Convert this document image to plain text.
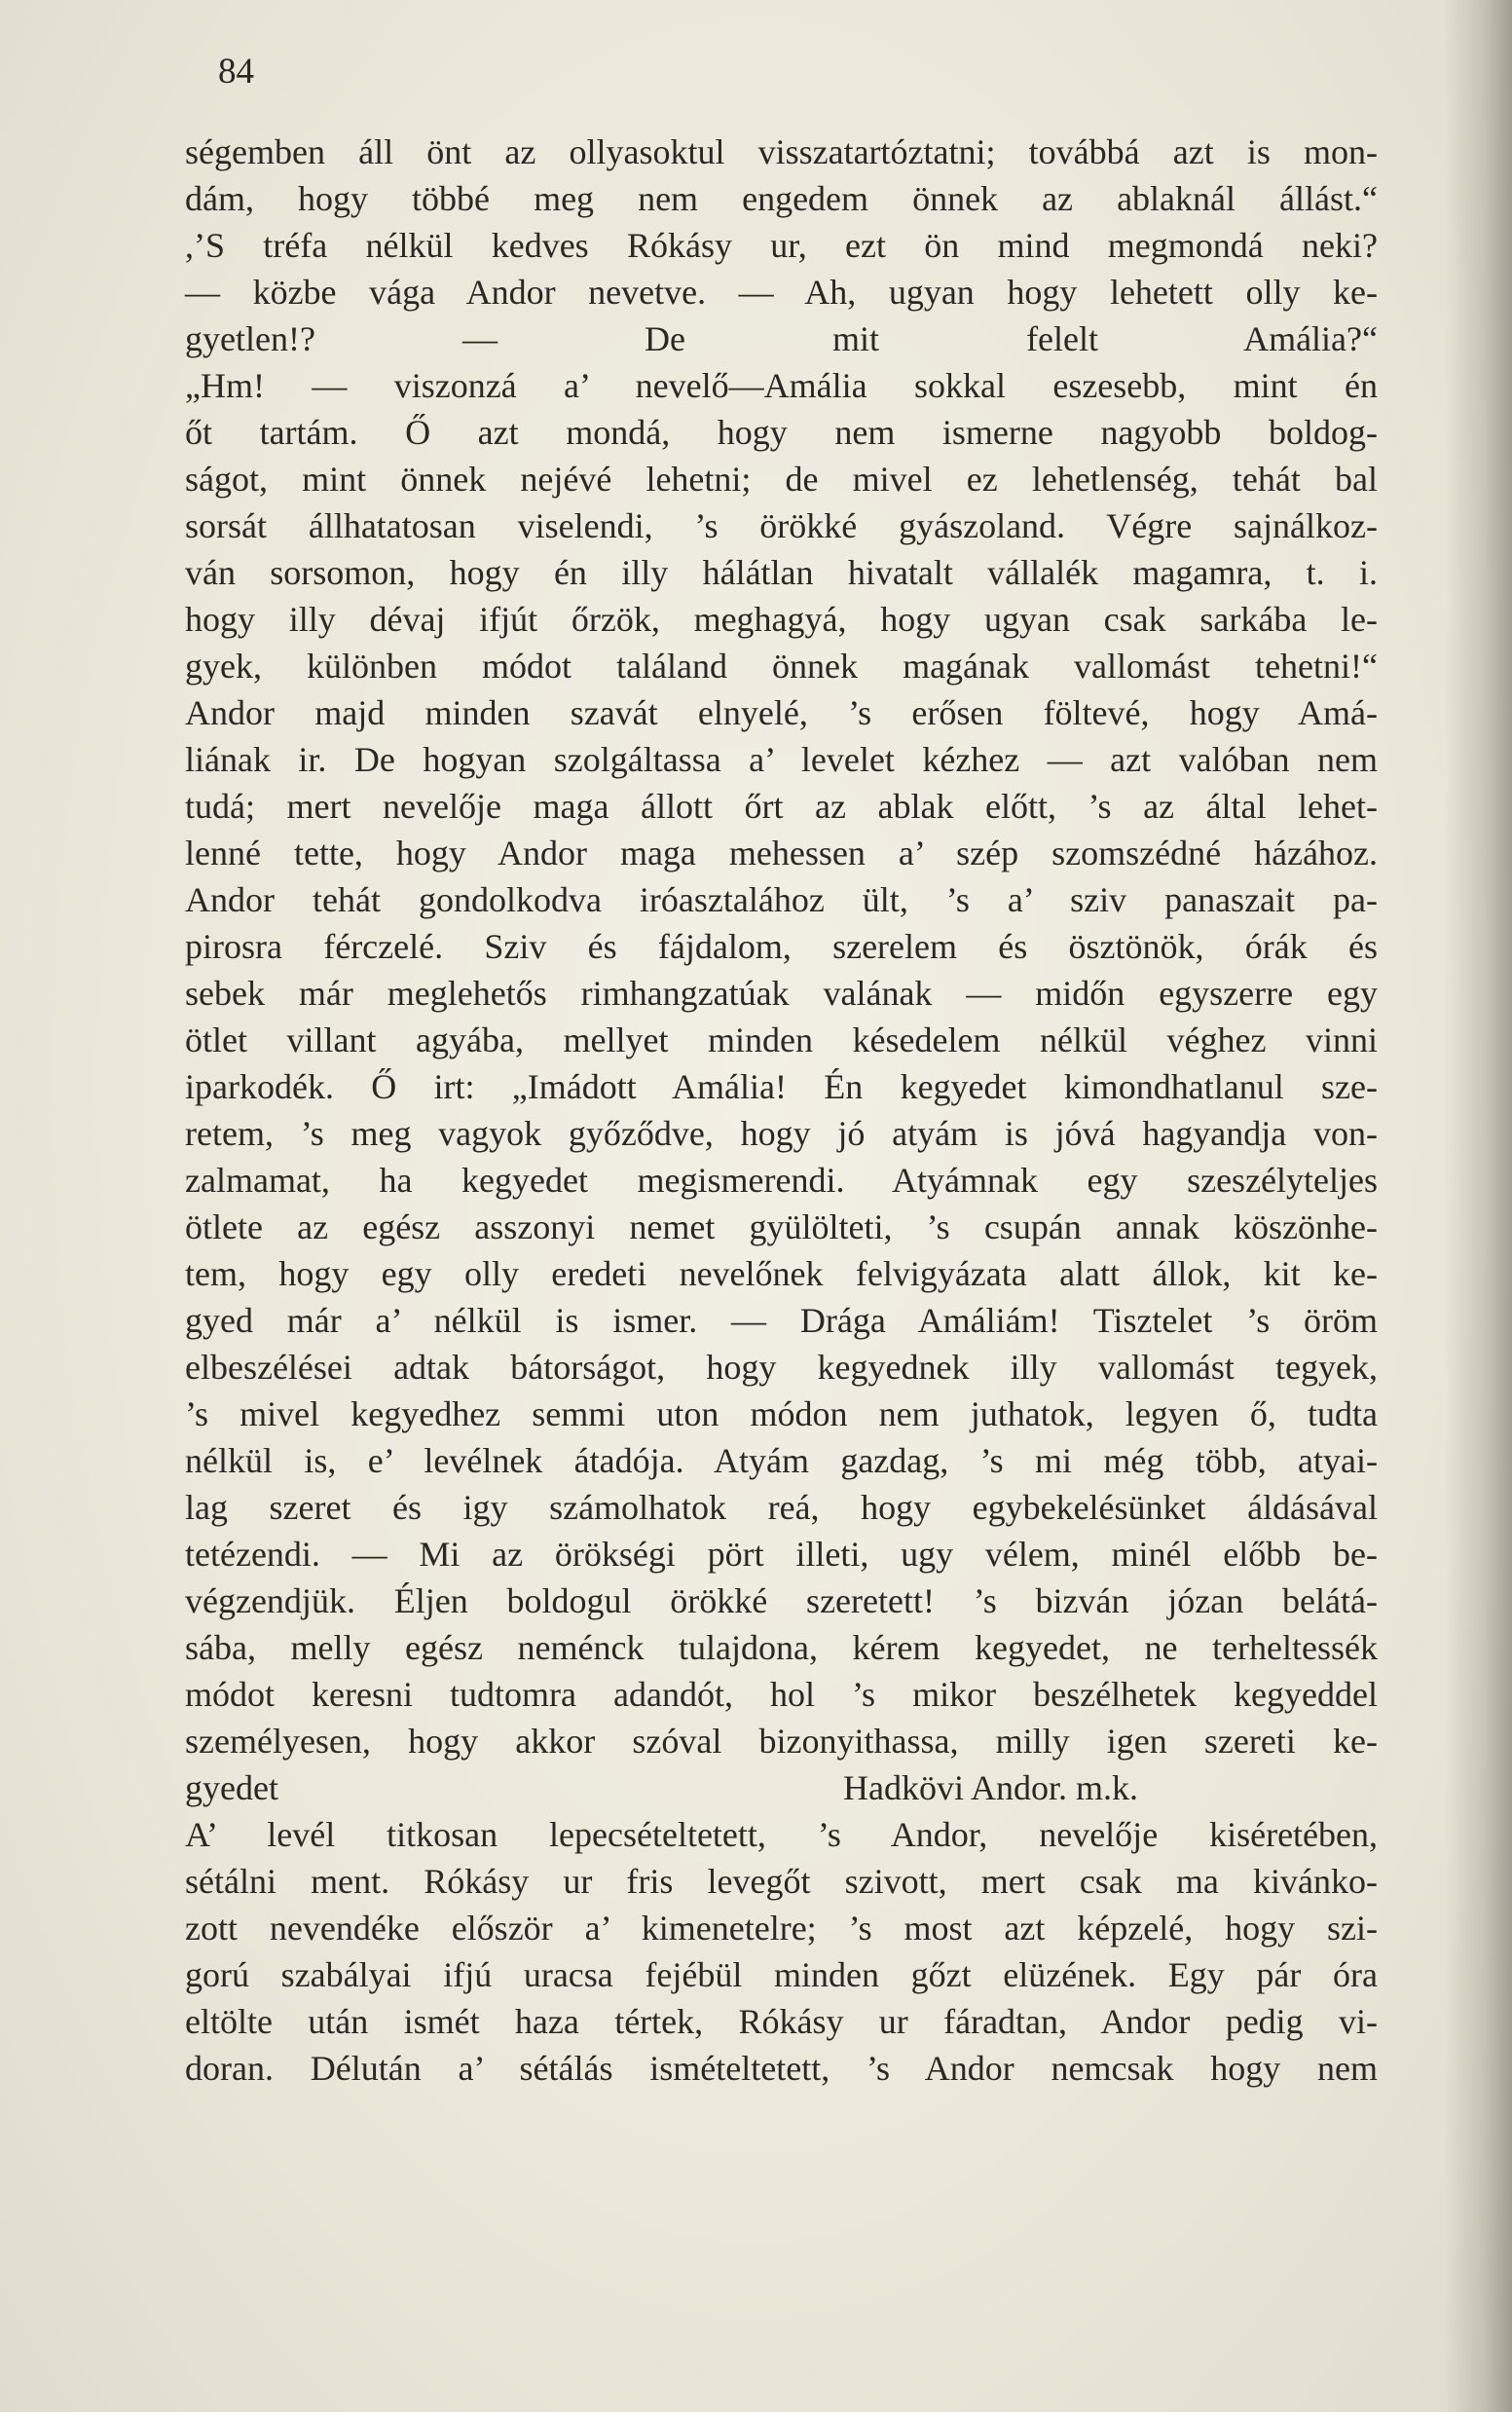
84
ségemben áll önt az ollyasoktul visszatartóztatni; továbbá azt is mon-
dám, hogy többé meg nem engedem önnek az ablaknál állást.“
,’S tréfa nélkül kedves Rókásy ur, ezt ön mind megmondá neki?
— közbe vága Andor nevetve. — Ah, ugyan hogy lehetett olly ke-
gyetlen!? — De mit felelt Amália?“
„Hm! — viszonzá a’ nevelő—Amália sokkal eszesebb, mint én
őt tartám. Ő azt mondá, hogy nem ismerne nagyobb boldog-
ságot, mint önnek nejévé lehetni; de mivel ez lehetlenség, tehát bal
sorsát állhatatosan viselendi, ’s örökké gyászoland. Végre sajnálkoz-
ván sorsomon, hogy én illy hálátlan hivatalt vállalék magamra, t. i.
hogy illy dévaj ifjút őrzök, meghagyá, hogy ugyan csak sarkába le-
gyek, különben módot találand önnek magának vallomást tehetni!“
Andor majd minden szavát elnyelé, ’s erősen föltevé, hogy Amá-
liának ir. De hogyan szolgáltassa a’ levelet kézhez — azt valóban nem
tudá; mert nevelője maga állott őrt az ablak előtt, ’s az által lehet-
lenné tette, hogy Andor maga mehessen a’ szép szomszédné házához.
Andor tehát gondolkodva iróasztalához ült, ’s a’ sziv panaszait pa-
pirosra férczelé. Sziv és fájdalom, szerelem és ösztönök, órák és
sebek már meglehetős rimhangzatúak valának — midőn egyszerre egy
ötlet villant agyába, mellyet minden késedelem nélkül véghez vinni
iparkodék. Ő irt: „Imádott Amália! Én kegyedet kimondhatlanul sze-
retem, ’s meg vagyok győződve, hogy jó atyám is jóvá hagyandja von-
zalmamat, ha kegyedet megismerendi. Atyámnak egy szeszélyteljes
ötlete az egész asszonyi nemet gyülölteti, ’s csupán annak köszönhe-
tem, hogy egy olly eredeti nevelőnek felvigyázata alatt állok, kit ke-
gyed már a’ nélkül is ismer. — Drága Amáliám! Tisztelet ’s öröm
elbeszélései adtak bátorságot, hogy kegyednek illy vallomást tegyek,
’s mivel kegyedhez semmi uton módon nem juthatok, legyen ő, tudta
nélkül is, e’ levélnek átadója. Atyám gazdag, ’s mi még több, atyai-
lag szeret és igy számolhatok reá, hogy egybekelésünket áldásával
tetézendi. — Mi az örökségi pört illeti, ugy vélem, minél előbb be-
végzendjük. Éljen boldogul örökké szeretett! ’s bizván józan belátá-
sába, melly egész neménck tulajdona, kérem kegyedet, ne terheltessék
módot keresni tudtomra adandót, hol ’s mikor beszélhetek kegyeddel
személyesen, hogy akkor szóval bizonyithassa, milly igen szereti ke-
gyedet	Hadkövi Andor. m.k.
A’ levél titkosan lepecsételtetett, ’s Andor, nevelője kiséretében,
sétálni ment. Rókásy ur fris levegőt szivott, mert csak ma kivánko-
zott nevendéke először a’ kimenetelre; ’s most azt képzelé, hogy szi-
gorú szabályai ifjú uracsa fejébül minden gőzt elüzének. Egy pár óra
eltölte után ismét haza tértek, Rókásy ur fáradtan, Andor pedig vi-
doran. Délután a’ sétálás ismételtetett, ’s Andor nemcsak hogy nem
